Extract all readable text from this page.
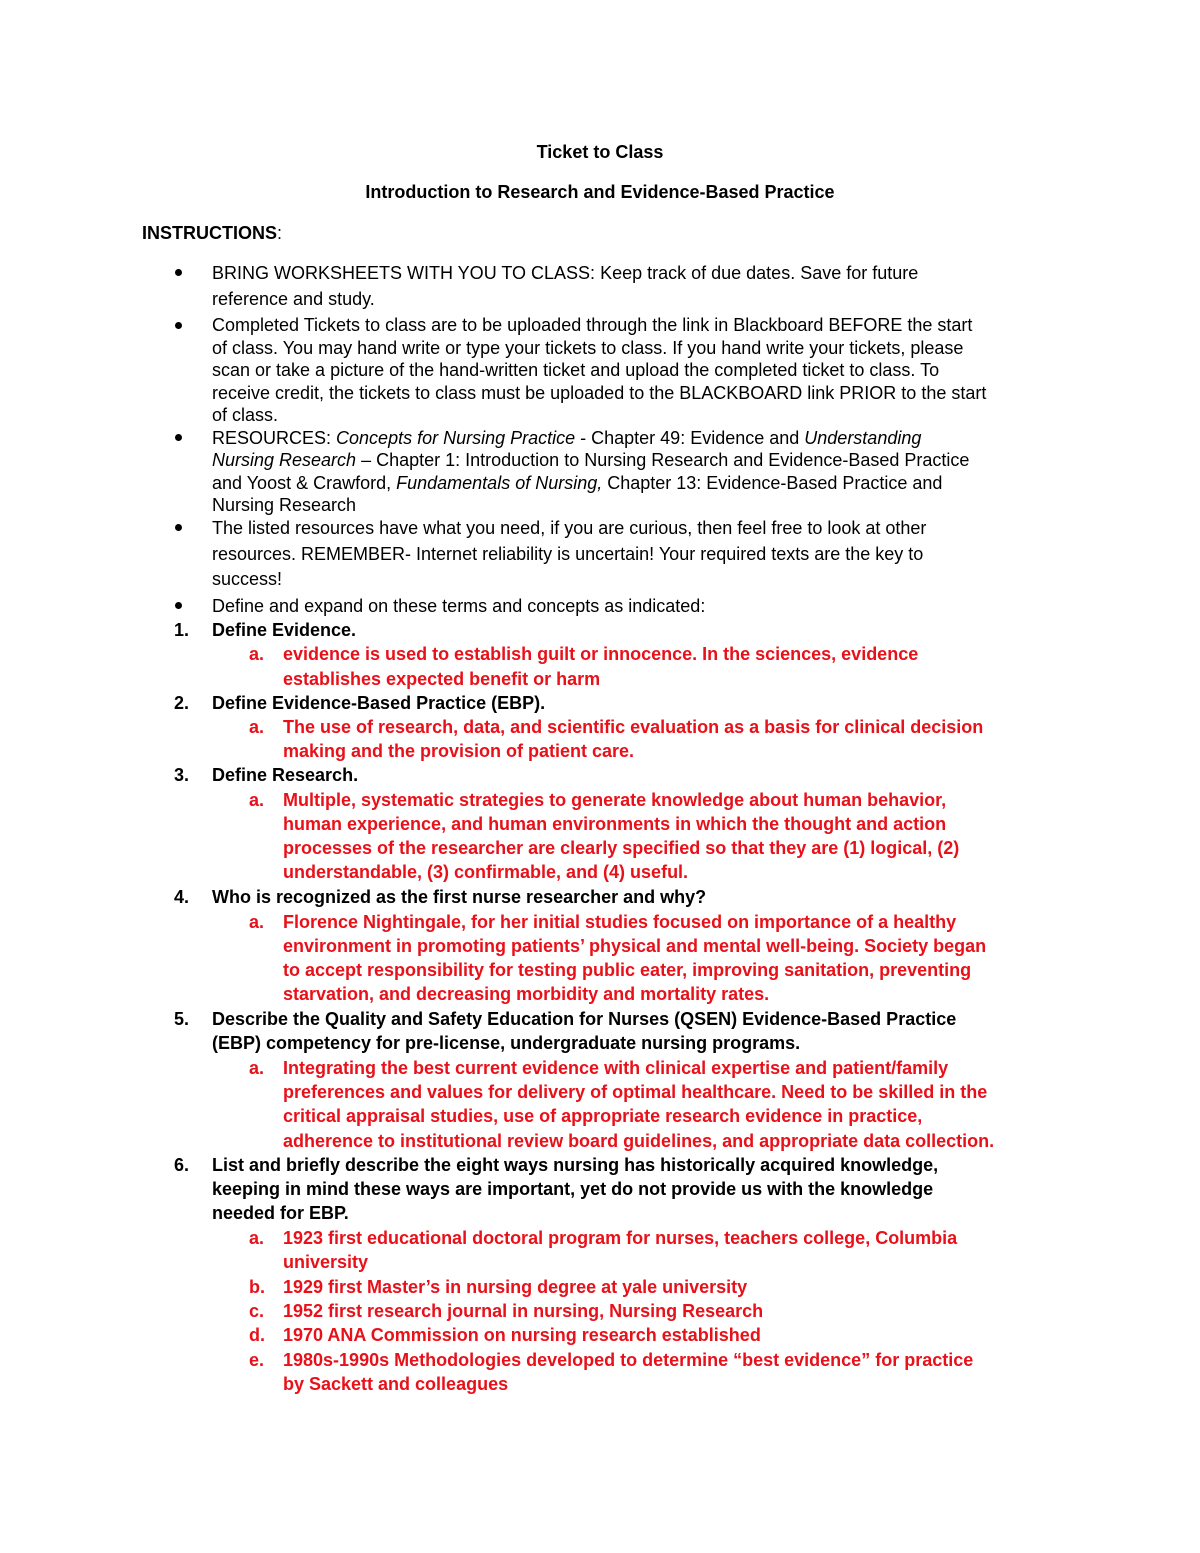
Ticket to Class
Introduction to Research and Evidence-Based Practice
INSTRUCTIONS:
BRING WORKSHEETS WITH YOU TO CLASS: Keep track of due dates. Save for future
reference and study.
Completed Tickets to class are to be uploaded through the link in Blackboard BEFORE the start
of class. You may hand write or type your tickets to class. If you hand write your tickets, please
scan or take a picture of the hand-written ticket and upload the completed ticket to class. To
receive credit, the tickets to class must be uploaded to the BLACKBOARD link PRIOR to the start
of class.
RESOURCES: Concepts for Nursing Practice - Chapter 49: Evidence and Understanding
Nursing Research – Chapter 1: Introduction to Nursing Research and Evidence-Based Practice
and Yoost & Crawford, Fundamentals of Nursing, Chapter 13: Evidence-Based Practice and
Nursing Research
The listed resources have what you need, if you are curious, then feel free to look at other
resources. REMEMBER- Internet reliability is uncertain! Your required texts are the key to
success!
Define and expand on these terms and concepts as indicated:
1. Define Evidence.
a. evidence is used to establish guilt or innocence. In the sciences, evidence
establishes expected benefit or harm
2. Define Evidence-Based Practice (EBP).
a. The use of research, data, and scientific evaluation as a basis for clinical decision
making and the provision of patient care.
3. Define Research.
a. Multiple, systematic strategies to generate knowledge about human behavior,
human experience, and human environments in which the thought and action
processes of the researcher are clearly specified so that they are (1) logical, (2)
understandable, (3) confirmable, and (4) useful.
4. Who is recognized as the first nurse researcher and why?
a. Florence Nightingale, for her initial studies focused on importance of a healthy
environment in promoting patients’ physical and mental well-being. Society began
to accept responsibility for testing public eater, improving sanitation, preventing
starvation, and decreasing morbidity and mortality rates.
5. Describe the Quality and Safety Education for Nurses (QSEN) Evidence-Based Practice
(EBP) competency for pre-license, undergraduate nursing programs.
a. Integrating the best current evidence with clinical expertise and patient/family
preferences and values for delivery of optimal healthcare. Need to be skilled in the
critical appraisal studies, use of appropriate research evidence in practice,
adherence to institutional review board guidelines, and appropriate data collection.
6. List and briefly describe the eight ways nursing has historically acquired knowledge,
keeping in mind these ways are important, yet do not provide us with the knowledge
needed for EBP.
a. 1923 first educational doctoral program for nurses, teachers college, Columbia
university
b. 1929 first Master’s in nursing degree at yale university
c. 1952 first research journal in nursing, Nursing Research
d. 1970 ANA Commission on nursing research established
e. 1980s-1990s Methodologies developed to determine “best evidence” for practice
by Sackett and colleagues
